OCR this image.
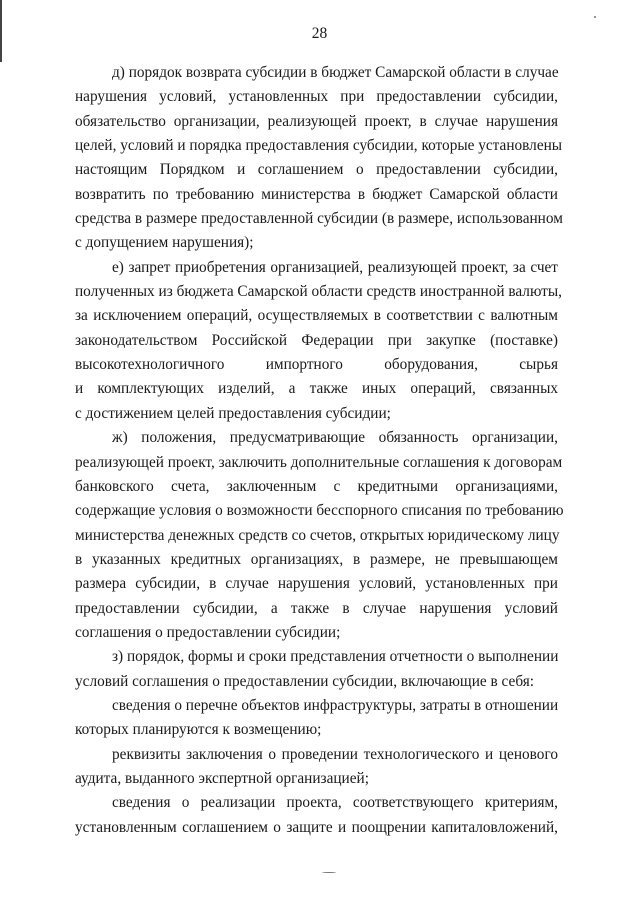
28
д) порядок возврата субсидии в бюджет Самарской области в случае
нарушения условий, установленных при предоставлении субсидии,
обязательство организации, реализующей проект, в случае нарушения
целей, условий и порядка предоставления субсидии, которые установлены
настоящим Порядком и соглашением о предоставлении субсидии,
возвратить по требованию министерства в бюджет Самарской области
средства в размере предоставленной субсидии (в размере, использованном
с допущением нарушения);
е) запрет приобретения организацией, реализующей проект, за счет
полученных из бюджета Самарской области средств иностранной валюты,
за исключением операций, осуществляемых в соответствии с валютным
законодательством Российской Федерации при закупке (поставке)
высокотехнологичного импортного оборудования, сырья
и комплектующих изделий, а также иных операций, связанных
с достижением целей предоставления субсидии;
ж) положения, предусматривающие обязанность организации,
реализующей проект, заключить дополнительные соглашения к договорам
банковского счета, заключенным с кредитными организациями,
содержащие условия о возможности бесспорного списания по требованию
министерства денежных средств со счетов, открытых юридическому лицу
в указанных кредитных организациях, в размере, не превышающем
размера субсидии, в случае нарушения условий, установленных при
предоставлении субсидии, а также в случае нарушения условий
соглашения о предоставлении субсидии;
з) порядок, формы и сроки представления отчетности о выполнении
условий соглашения о предоставлении субсидии, включающие в себя:
сведения о перечне объектов инфраструктуры, затраты в отношении
которых планируются к возмещению;
реквизиты заключения о проведении технологического и ценового
аудита, выданного экспертной организацией;
сведения о реализации проекта, соответствующего критериям,
установленным соглашением о защите и поощрении капиталовложений,
